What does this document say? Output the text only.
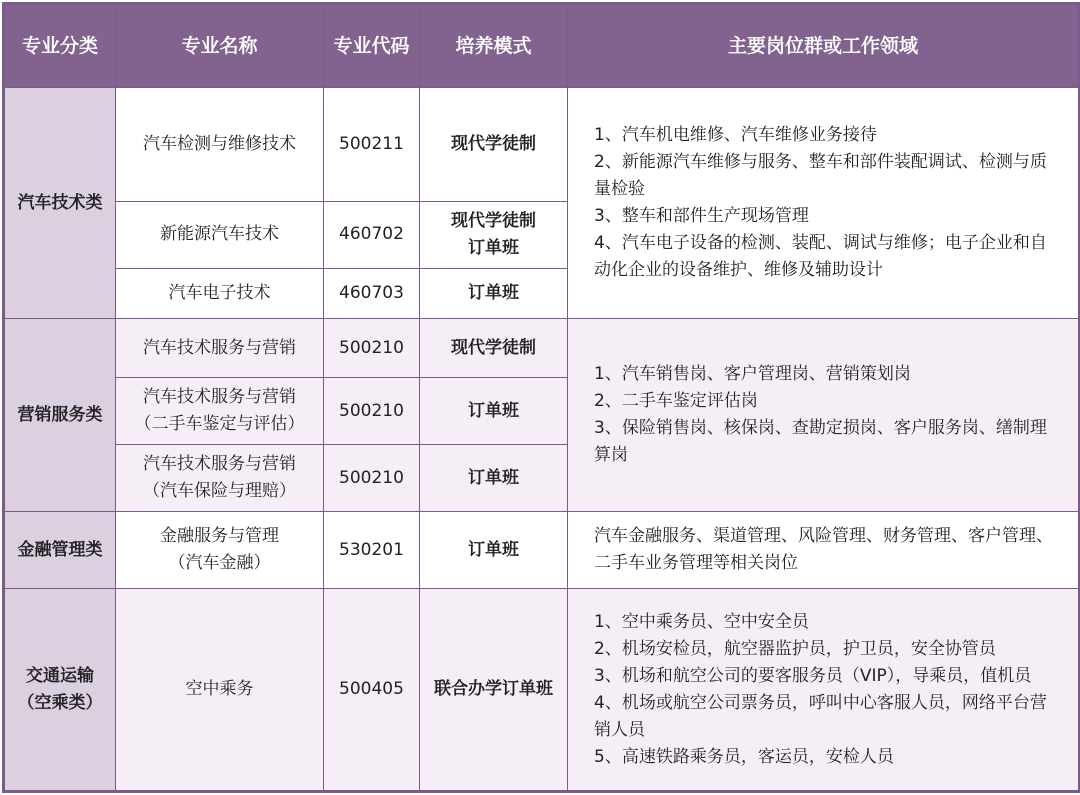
专业分类	专业名称	专业代码	培养模式	主要岗位群或工作领域
汽车技术类	汽车检测与维修技术	500211	现代学徒制	1、汽车机电维修、汽车维修业务接待
2、新能源汽车维修与服务、整车和部件装配调试、检测与质量检验
3、整车和部件生产现场管理
4、汽车电子设备的检测、装配、调试与维修；电子企业和自动化企业的设备维护、维修及辅助设计

	新能源汽车技术	460702	现代学徒制
订单班	

	汽车电子技术	460703	订单班	
营销服务类	汽车技术服务与营销	500210	现代学徒制	1、汽车销售岗、客户管理岗、营销策划岗
2、二手车鉴定评估岗
3、保险销售岗、核保岗、查勘定损岗、客户服务岗、缮制理算岗

	汽车技术服务与营销
（二手车鉴定与评估）	500210	订单班	

	汽车技术服务与营销
（汽车保险与理赔）	500210	订单班	
金融管理类	金融服务与管理
（汽车金融）	530201	订单班	汽车金融服务、渠道管理、风险管理、财务管理、客户管理、二手车业务管理等相关岗位

交通运输
（空乘类）	空中乘务	500405	联合办学订单班	1、空中乘务员、空中安全员
2、机场安检员，航空器监护员，护卫员，安全协管员
3、机场和航空公司的要客服务员（VIP），导乘员，值机员
4、机场或航空公司票务员，呼叫中心客服人员，网络平台营销人员
5、高速铁路乘务员，客运员，安检人员
